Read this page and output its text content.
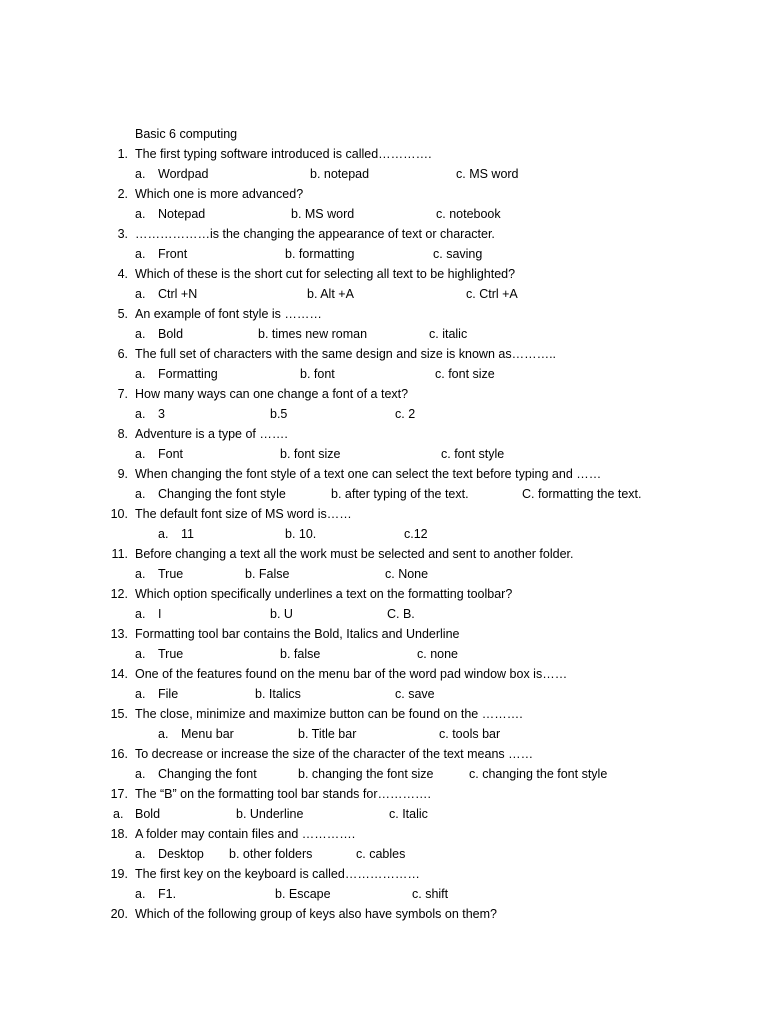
Basic 6 computing
1. The first typing software introduced is called………….
a. Wordpad	b. notepad	c. MS word
2. Which one is more advanced?
a. Notepad	b. MS word	c. notebook
3. ………………is the changing the appearance of text or character.
a. Front	b. formatting	c. saving
4. Which of these is the short cut for selecting all text to be highlighted?
a. Ctrl +N	b. Alt +A	c. Ctrl +A
5. An example of font style is ………
a. Bold	b. times new roman	c. italic
6. The full set of characters with the same design and size is known as………..
a. Formatting	b. font	c. font size
7. How many ways can one change a font of a text?
a. 3	b.5	c. 2
8. Adventure is a type of …….
a. Font	b. font size	c. font style
9. When changing the font style of a text one can select the text before typing and ……
a. Changing the font style	b. after typing of the text.	C. formatting the text.
10. The default font size of MS word is……
a. 11	b. 10.	c.12
11. Before changing a text all the work must be selected and sent to another folder.
a. True	b. False	c. None
12. Which option specifically underlines a text on the formatting toolbar?
a. I	b. U	C. B.
13. Formatting tool bar contains the Bold, Italics and Underline
a. True	b. false	c. none
14. One of the features found on the menu bar of the word pad window box is……
a. File	b. Italics	c. save
15. The close, minimize and maximize button can be found on the ……….
a. Menu bar	b. Title bar	c. tools bar
16. To decrease or increase the size of the character of the text means ……
a. Changing the font	b. changing the font size	c. changing the font style
17. The “B” on the formatting tool bar stands for………….
a. Bold	b. Underline	c. Italic
18. A folder may contain files and ………….
a. Desktop b. other folders	c. cables
19. The first key on the keyboard is called………………
a. F1.	b. Escape	c. shift
20. Which of the following group of keys also have symbols on them?
